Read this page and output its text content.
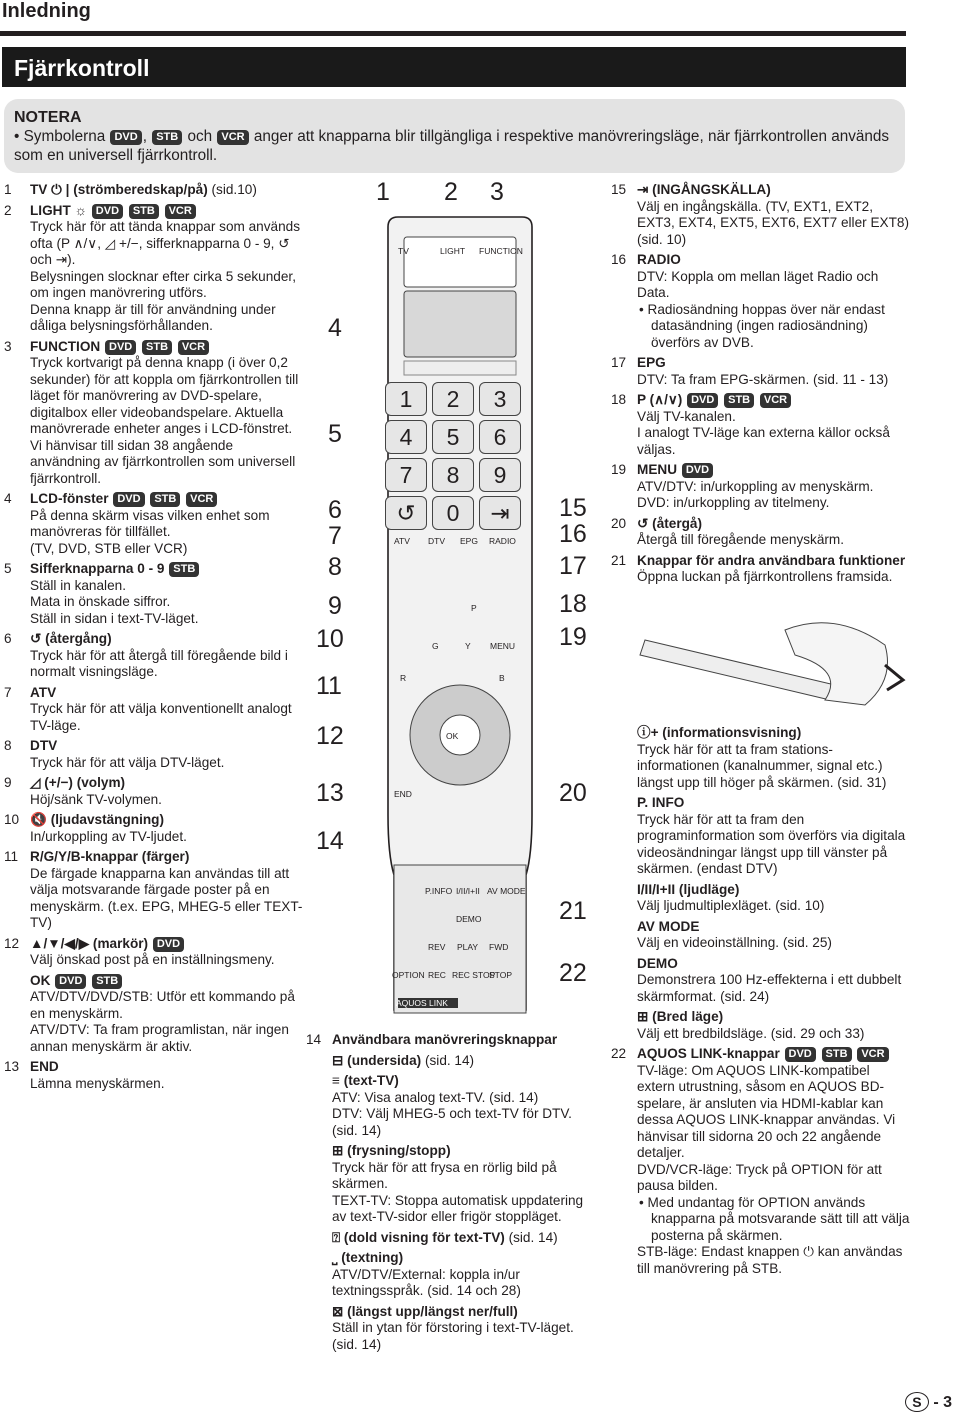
Inledning
Fjärrkontroll
NOTERA
• Symbolerna DVD , STB och VCR anger att knapparna blir tillgängliga i respektive manövreringsläge, när fjärrkontrollen används som en universell fjärrkontroll.
1 TV ⏻ | (strömberedskap/på) (sid.10)
2 LIGHT ☼ DVD STB VCR
Tryck här för att tända knappar som används ofta (P ∧/∨, ◿ +/−, sifferknapparna 0 - 9, ↺ och ⇥).
Belysningen slocknar efter cirka 5 sekunder, om ingen manövrering utförs.
Denna knapp är till för användning under dåliga belysningsförhållanden.
3 FUNCTION DVD STB VCR
Tryck kortvarigt på denna knapp (i över 0,2 sekunder) för att koppla om fjärrkontrollen till läget för manövrering av DVD-spelare, digitalbox eller videobandspelare. Aktuella manövrerade enheter anges i LCD-fönstret.
Vi hänvisar till sidan 38 angående användning av fjärrkontrollen som universell fjärrkontroll.
4 LCD-fönster DVD STB VCR
På denna skärm visas vilken enhet som manövreras för tillfället.
(TV, DVD, STB eller VCR)
5 Sifferknapparna 0 - 9 STB
Ställ in kanalen.
Mata in önskade siffror.
Ställ in sidan i text-TV-läget.
6 ↺ (återgång)
Tryck här för att återgå till föregående bild i normalt visningsläge.
7 ATV
Tryck här för att välja konventionellt analogt TV-läge.
8 DTV
Tryck här för att välja DTV-läget.
9 ◿ (+/−) (volym)
Höj/sänk TV-volymen.
10 🔇 (ljudavstängning)
In/urkoppling av TV-ljudet.
11 R/G/Y/B-knappar (färger)
De färgade knapparna kan användas till att välja motsvarande färgade poster på en menyskärm. (t.ex. EPG, MHEG-5 eller TEXT-TV)
12 ▲/▼/◀/▶ (markör) DVD
Välj önskad post på en inställningsmeny.
OK DVD STB
ATV/DTV/DVD/STB: Utför ett kommando på en menyskärm.
ATV/DTV: Ta fram programlistan, när ingen annan menyskärm är aktiv.
13 END
Lämna menyskärmen.
14 Användbara manövreringsknappar
⊟ (undersida) (sid. 14)
≡ (text-TV)
ATV: Visa analog text-TV. (sid. 14)
DTV: Välj MHEG-5 och text-TV för DTV. (sid. 14)
⊞ (frysning/stopp)
Tryck här för att frysa en rörlig bild på skärmen.
TEXT-TV: Stoppa automatisk uppdatering av text-TV-sidor eller frigör stoppläget.
⍰ (dold visning för text-TV) (sid. 14)
⎵ (textning)
ATV/DTV/External: koppla in/ur textningsspråk. (sid. 14 och 28)
⊠ (längst upp/längst ner/full)
Ställ in ytan för förstoring i text-TV-läget. (sid. 14)
15 ⇥ (INGÅNGSKÄLLA)
Välj en ingångskälla. (TV, EXT1, EXT2, EXT3, EXT4, EXT5, EXT6, EXT7 eller EXT8) (sid. 10)
16 RADIO
DTV: Koppla om mellan läget Radio och Data.
• Radiosändning hoppas över när endast datasändning (ingen radiosändning) överförs av DVB.
17 EPG
DTV: Ta fram EPG-skärmen. (sid. 11 - 13)
18 P (∧/∨) DVD STB VCR
Välj TV-kanalen.
I analogt TV-läge kan externa källor också väljas.
19 MENU DVD
ATV/DTV: in/urkoppling av menyskärm.
DVD: in/urkoppling av titelmeny.
20 ↺ (återgå)
Återgå till föregående menyskärm.
21 Knappar för andra användbara funktioner
Öppna luckan på fjärrkontrollens framsida.
ⓘ+ (informationsvisning)
Tryck här för att ta fram stations-informationen (kanalnummer, signal etc.) längst upp till höger på skärmen. (sid. 31)
P. INFO
Tryck här för att ta fram den programinformation som överförs via digitala videosändningar längst upp till vänster på skärmen. (endast DTV)
I/II/I+II (ljudläge)
Välj ljudmultiplexläget. (sid. 10)
AV MODE
Välj en videoinställning. (sid. 25)
DEMO
Demonstrera 100 Hz-effekterna i ett dubbelt skärmformat. (sid. 24)
⊞ (Bred läge)
Välj ett bredbildsläge. (sid. 29 och 33)
22 AQUOS LINK-knappar DVD STB VCR
TV-läge: Om AQUOS LINK-kompatibel extern utrustning, såsom en AQUOS BD-spelare, är ansluten via HDMI-kablar kan dessa AQUOS LINK-knappar användas. Vi hänvisar till sidorna 20 och 22 angående detaljer.
DVD/VCR-läge: Tryck på OPTION för att pausa bilden.
• Med undantag för OPTION används knapparna på motsvarande sätt till att välja posterna på skärmen.
STB-läge: Endast knappen ⏻ kan användas till manövrering på STB.
TV	LIGHT FUNCTION
1	2	3
4	5	6
7	8	9
↺	0	⇥
ATV DTV EPG RADIO
G	Y MENU
R	B
OK
P
END
P.INFO I/II/I+II AV MODE
DEMO
REV PLAY FWD
OPTION REC REC STOP
STOP
AQUOS LINK
1 2 3
4
5
6
7
8
9
10
11
12
13
14
15
16
17
18
19
20
21
22
S - 3
